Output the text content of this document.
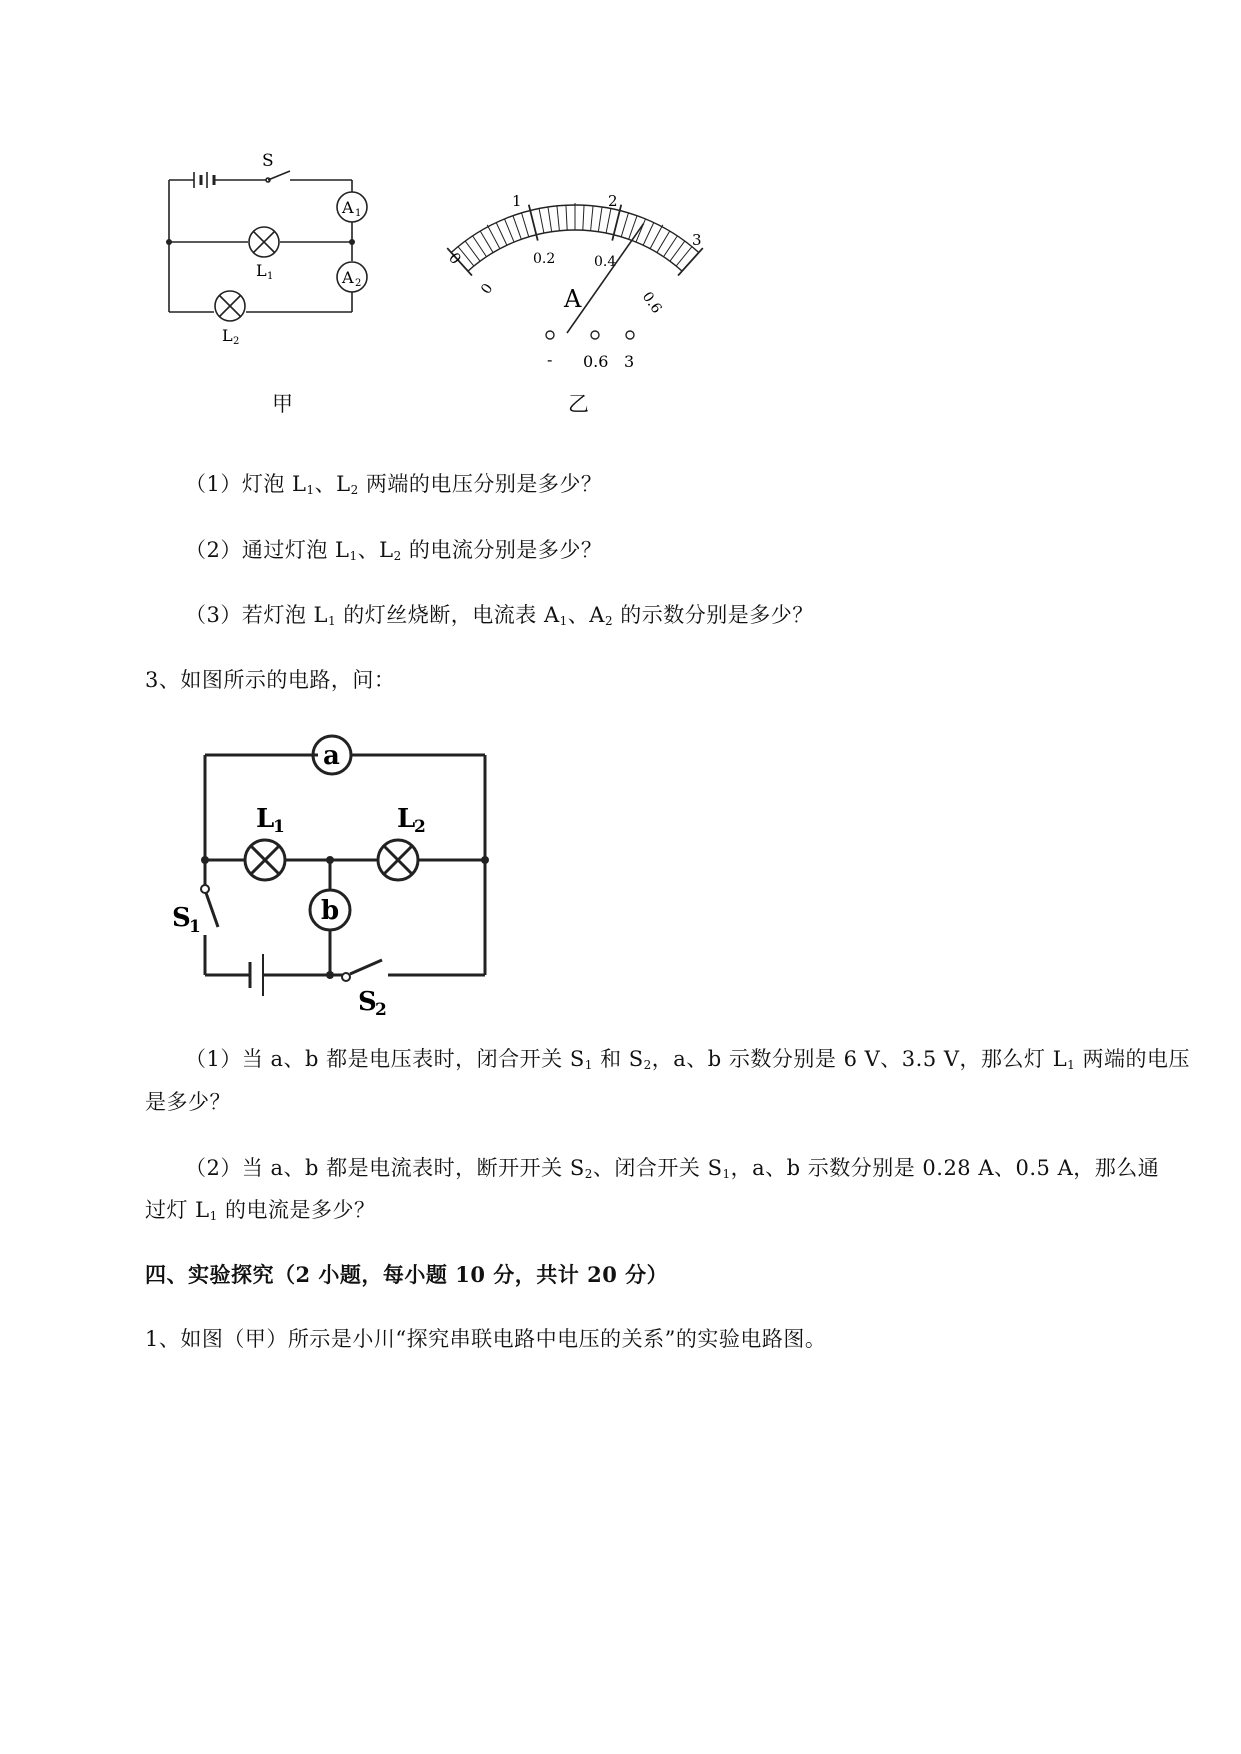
S
A 1
A 2
L 1
L 2
甲
1	2
3
0
0
0.2	0.4
0.6
A
- 0.6 3
乙
（1）灯泡 $L_1$、$L_2$ 两端的电压分别是多少？
（2）通过灯泡 $L_1$、$L_2$ 的电流分别是多少？
（3）若灯泡 $L_1$ 的灯丝烧断，电流表 $A_1$、$A_2$ 的示数分别是多少？
3、如图所示的电路，问：
a
b
L
1	L
2
S
1
S
2
（1）当 a、b 都是电压表时，闭合开关 $S_1$ 和 $S_2$，a、b 示数分别是 6 V、3.5 V，那么灯 $L_1$ 两端的电压
是多少？
（2）当 a、b 都是电流表时，断开开关 $S_2$、闭合开关 $S_1$，a、b 示数分别是 0.28 A、0.5 A，那么通
过灯 $L_1$ 的电流是多少？
四、实验探究（2 小题，每小题 10 分，共计 20 分）
1、如图（甲）所示是小川“探究串联电路中电压的关系”的实验电路图。
